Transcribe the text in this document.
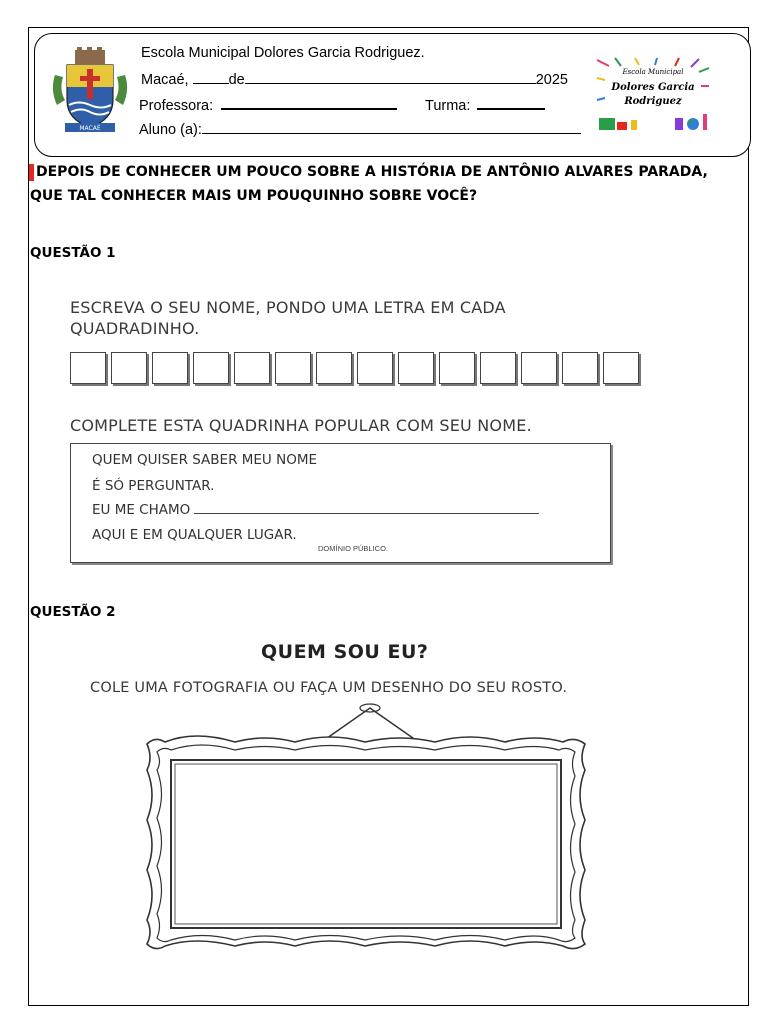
MACAÉ
Escola Municipal Dolores Garcia Rodriguez.
Macaé,	de	2025
Professora:	Turma:
Aluno (a):
Escola Municipal
Dolores Garcia
Rodriguez
DEPOIS DE CONHECER UM POUCO SOBRE A HISTÓRIA DE ANTÔNIO ALVARES PARADA, QUE TAL CONHECER MAIS UM POUQUINHO SOBRE VOCÊ?
QUESTÃO 1
ESCREVA O SEU NOME, PONDO UMA LETRA EM CADA
QUADRADINHO.
COMPLETE ESTA QUADRINHA POPULAR COM SEU NOME.
QUEM QUISER SABER MEU NOME
É SÓ PERGUNTAR.
EU ME CHAMO
AQUI E EM QUALQUER LUGAR.
DOMÍNIO PÚBLICO.
QUESTÃO 2
QUEM SOU EU?
COLE UMA FOTOGRAFIA OU FAÇA UM DESENHO DO SEU ROSTO.
